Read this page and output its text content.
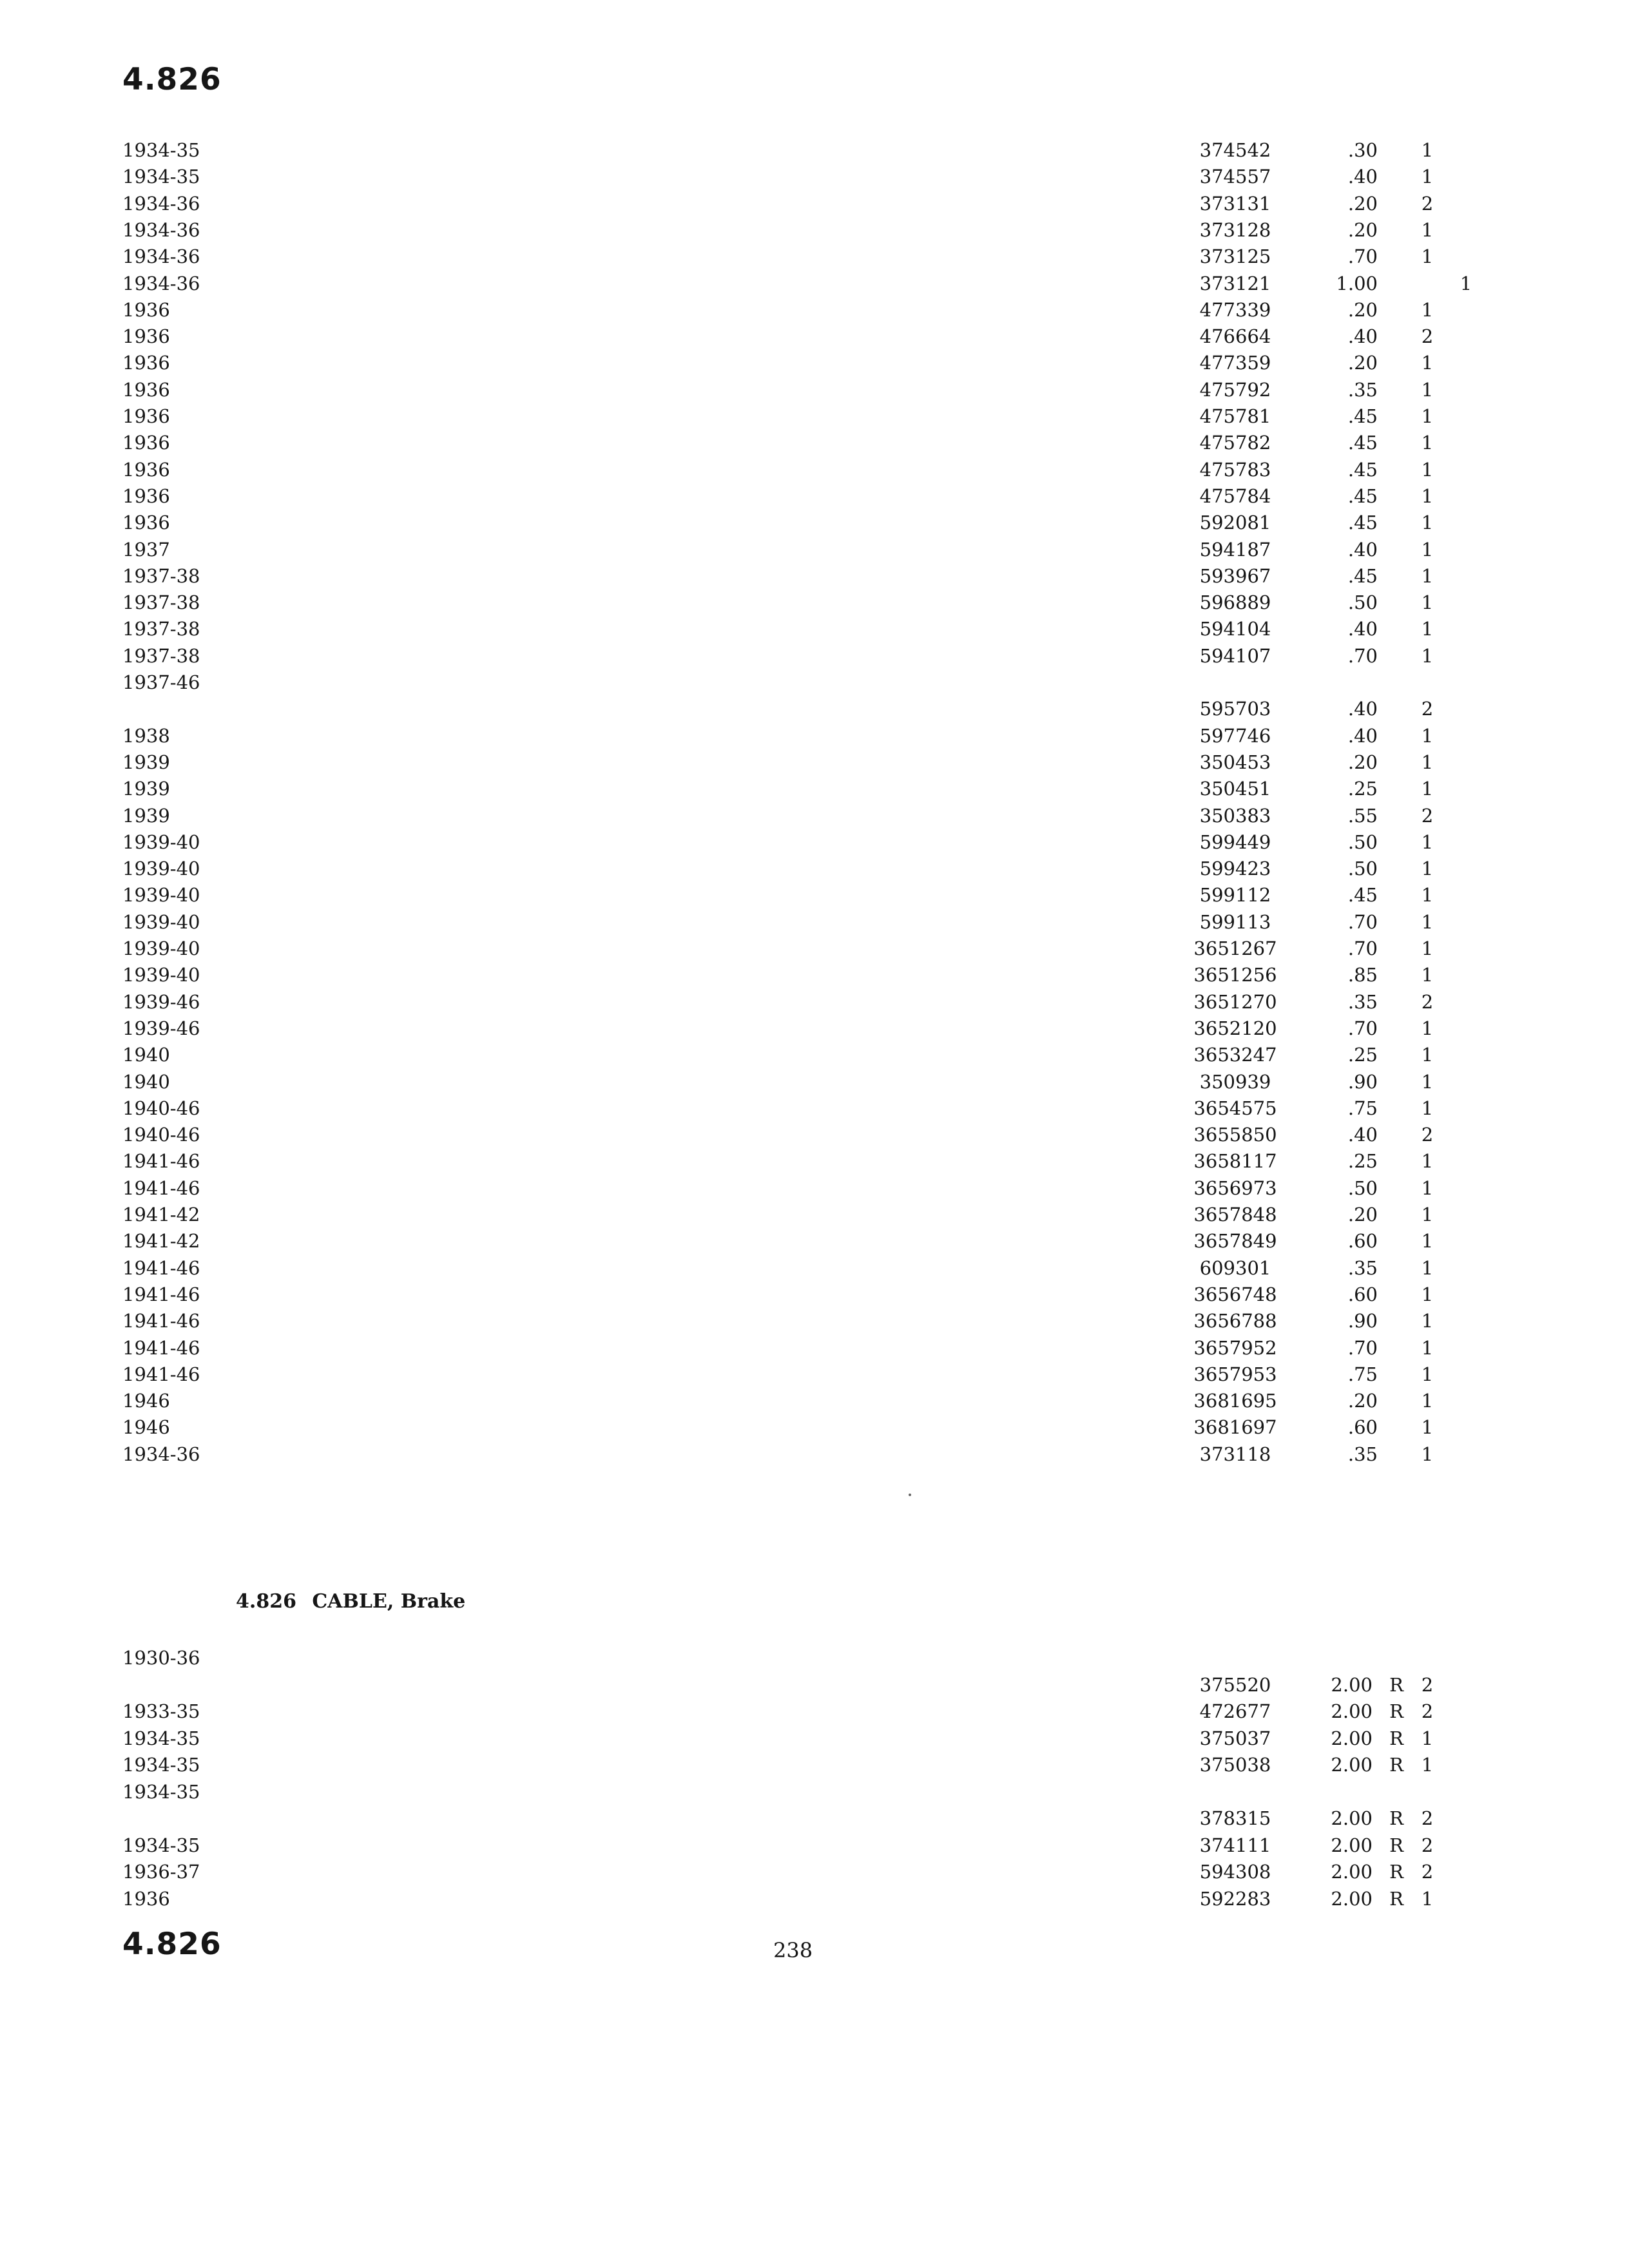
4.826
1934-35	374542	.30 1
1934-35	374557	.40 1
1934-36	373131	.20 2
1934-36	373128	.20 1
1934-36	373125	.70 1
1934-36	373121	1.00	1
1936	477339	.20 1
1936	476664	.40 2
1936	477359	.20 1
1936	475792	.35 1
1936	475781	.45 1
1936	475782	.45 1
1936	475783	.45 1
1936	475784	.45 1
1936	592081	.45 1
1937	594187	.40 1
1937-38	593967	.45 1
1937-38	596889	.50 1
1937-38	594104	.40 1
1937-38	594107	.70 1
1937-46
595703	.40 2
1938	597746	.40 1
1939	350453	.20 1
1939	350451	.25 1
1939	350383	.55 2
1939-40	599449	.50 1
1939-40	599423	.50 1
1939-40	599112	.45 1
1939-40	599113	.70 1
1939-40	3651267	.70 1
1939-40	3651256	.85 1
1939-46	3651270	.35 2
1939-46	3652120	.70 1
1940	3653247	.25 1
1940	350939	.90 1
1940-46	3654575	.75 1
1940-46	3655850	.40 2
1941-46	3658117	.25 1
1941-46	3656973	.50 1
1941-42	3657848	.20 1
1941-42	3657849	.60 1
1941-46	609301	.35 1
1941-46	3656748	.60 1
1941-46	3656788	.90 1
1941-46	3657952	.70 1
1941-46	3657953	.75 1
1946	3681695	.20 1
1946	3681697	.60 1
1934-36	373118	.35 1
4.826 CABLE, Brake
1930-36
375520	2.00 R 2
1933-35	472677	2.00 R 2
1934-35	375037	2.00 R 1
1934-35	375038	2.00 R 1
1934-35
378315	2.00 R 2
1934-35	374111	2.00 R 2
1936-37	594308	2.00 R 2
1936	592283	2.00 R 1
4.826	238
